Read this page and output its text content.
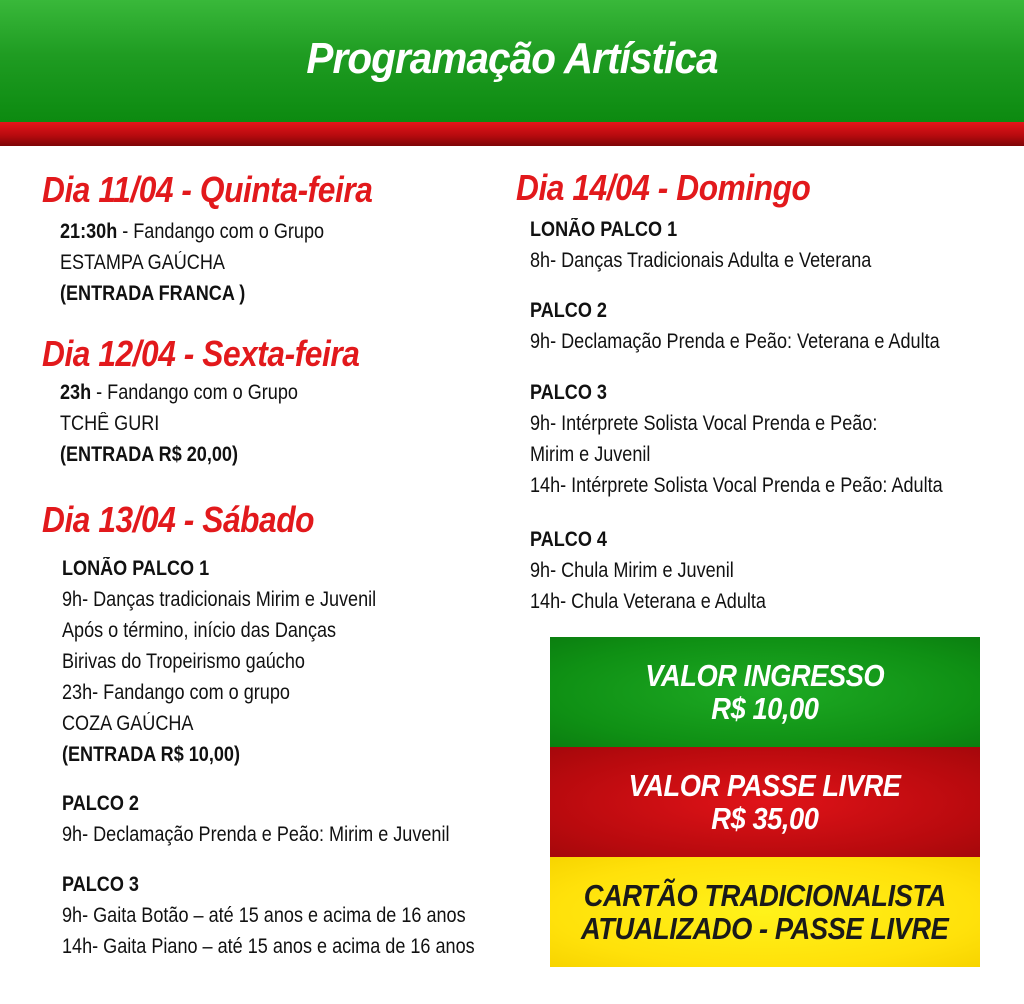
Programação Artística
Dia 11/04 - Quinta-feira
21:30h - Fandango com o Grupo
ESTAMPA GAÚCHA
(ENTRADA FRANCA )
Dia 12/04 - Sexta-feira
23h - Fandango com o Grupo
TCHÊ GURI
(ENTRADA R$ 20,00)
Dia 13/04 - Sábado
LONÃO PALCO 1
9h- Danças tradicionais Mirim e Juvenil
Após o término, início das Danças
Birivas do Tropeirismo gaúcho
23h- Fandango com o grupo
COZA GAÚCHA
(ENTRADA R$ 10,00)
PALCO 2
9h- Declamação Prenda e Peão: Mirim e Juvenil
PALCO 3
9h- Gaita Botão – até 15 anos e acima de 16 anos
14h- Gaita Piano – até 15 anos e acima de 16 anos
Dia 14/04 - Domingo
LONÃO PALCO 1
8h- Danças Tradicionais Adulta e Veterana
PALCO 2
9h- Declamação Prenda e Peão: Veterana e Adulta
PALCO 3
9h- Intérprete Solista Vocal Prenda e Peão:
Mirim e Juvenil
14h- Intérprete Solista Vocal Prenda e Peão: Adulta
PALCO 4
9h- Chula Mirim e Juvenil
14h- Chula Veterana e Adulta
VALOR INGRESSO
R$ 10,00
VALOR PASSE LIVRE
R$ 35,00
CARTÃO TRADICIONALISTA
ATUALIZADO - PASSE LIVRE
